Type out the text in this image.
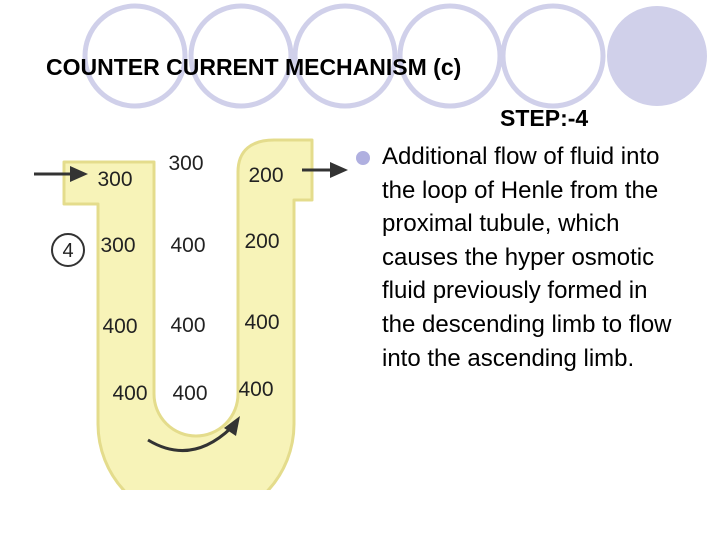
COUNTER CURRENT MECHANISM (c)
STEP:-4

Additional flow of fluid into the loop of Henle from the proximal tubule, which causes the hyper osmotic fluid previously formed in the descending limb to flow into the ascending limb.

4
300
300
200
300 400 200
400 400 400
400 400 400
